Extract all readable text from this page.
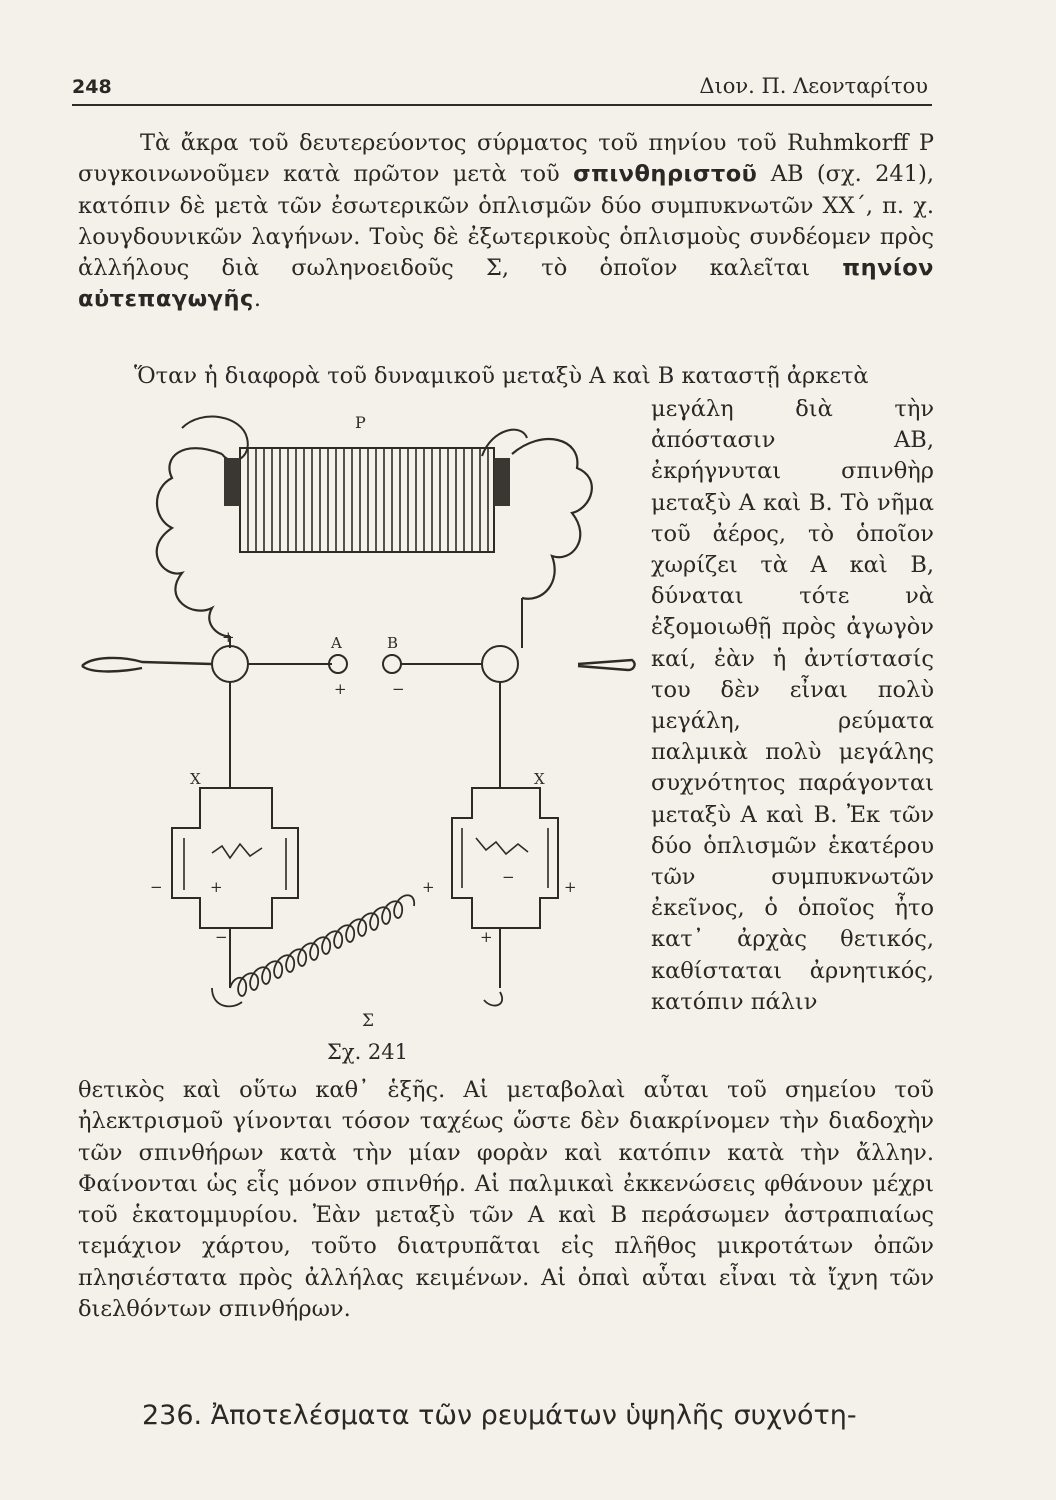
248	Διον. Π. Λεονταρίτου
Τὰ ἄκρα τοῦ δευτερεύοντος σύρματος τοῦ πηνίου τοῦ Ruhmkorff P συγκοινωνοῦμεν κατὰ πρῶτον μετὰ τοῦ σπινθηριστοῦ AB (σχ. 241), κατόπιν δὲ μετὰ τῶν ἐσωτερικῶν ὁπλισμῶν δύο συμπυκνωτῶν XX΄, π. χ. λουγδουνικῶν λαγήνων. Τοὺς δὲ ἐξωτερικοὺς ὁπλισμοὺς συνδέομεν πρὸς ἀλλήλους διὰ σωληνοειδοῦς Σ, τὸ ὁποῖον καλεῖται πηνίον αὐτεπαγωγῆς.
Ὅταν ἡ διαφορὰ τοῦ δυναμικοῦ μεταξὺ A καὶ B καταστῇ ἀρκετὰ
μεγάλη διὰ τὴν ἀπόστασιν AB, ἐκρήγνυται σπινθὴρ μεταξὺ A καὶ B. Τὸ νῆμα τοῦ ἀέρος, τὸ ὁποῖον χωρίζει τὰ A καὶ B, δύναται τότε νὰ ἐξομοιωθῇ πρὸς ἀγωγὸν καί, ἐὰν ἡ ἀντίστασίς του δὲν εἶναι πολὺ μεγάλη, ρεύματα παλμικὰ πολὺ μεγάλης συχνότητος παράγονται μεταξὺ A καὶ B. Ἐκ τῶν δύο ὁπλισμῶν ἑκατέρου τῶν συμπυκνωτῶν ἐκεῖνος, ὁ ὁποῖος ἦτο κατ᾿ ἀρχὰς θετικός, καθίσταται ἀρνητικός, κατόπιν πάλιν
P
A	B
+
+	−
X
+
−
−
X
+	+
−
+
Σ
Σχ. 241
θετικὸς καὶ οὕτω καθ᾿ ἑξῆς. Αἱ μεταβολαὶ αὗται τοῦ σημείου τοῦ ἠλεκτρισμοῦ γίνονται τόσον ταχέως ὥστε δὲν διακρίνομεν τὴν διαδοχὴν τῶν σπινθήρων κατὰ τὴν μίαν φορὰν καὶ κατόπιν κατὰ τὴν ἄλλην. Φαίνονται ὡς εἷς μόνον σπινθήρ. Αἱ παλμικαὶ ἐκκενώσεις φθάνουν μέχρι τοῦ ἑκατομμυρίου. Ἐὰν μεταξὺ τῶν A καὶ B περάσωμεν ἀστραπιαίως τεμάχιον χάρτου, τοῦτο διατρυπᾶται εἰς πλῆθος μικροτάτων ὀπῶν πλησιέστατα πρὸς ἀλλήλας κειμένων. Αἱ ὀπαὶ αὗται εἶναι τὰ ἴχνη τῶν διελθόντων σπινθήρων.
236. Ἀποτελέσματα τῶν ρευμάτων ὑψηλῆς συχνότη-
